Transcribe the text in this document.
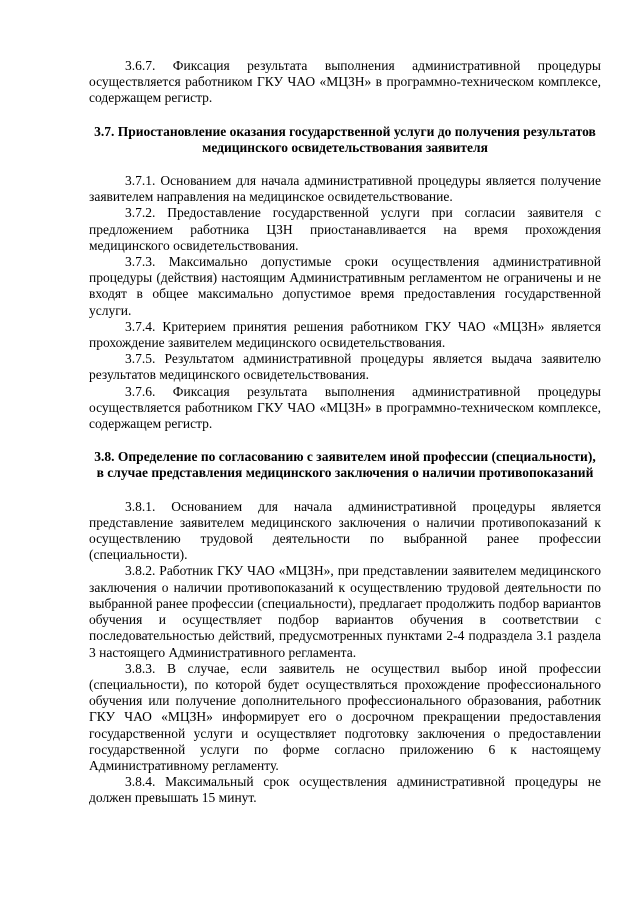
3.6.7. Фиксация результата выполнения административной процедуры осуществляется работником ГКУ ЧАО «МЦЗН» в программно-техническом комплексе, содержащем регистр.

3.7. Приостановление оказания государственной услуги до получения результатов медицинского освидетельствования заявителя

3.7.1. Основанием для начала административной процедуры является получение заявителем направления на медицинское освидетельствование.

3.7.2. Предоставление государственной услуги при согласии заявителя с предложением работника ЦЗН приостанавливается на время прохождения медицинского освидетельствования.

3.7.3. Максимально допустимые сроки осуществления административной процедуры (действия) настоящим Административным регламентом не ограничены и не входят в общее максимально допустимое время предоставления государственной услуги.

3.7.4. Критерием принятия решения работником ГКУ ЧАО «МЦЗН» является прохождение заявителем медицинского освидетельствования.

3.7.5. Результатом административной процедуры является выдача заявителю результатов медицинского освидетельствования.

3.7.6. Фиксация результата выполнения административной процедуры осуществляется работником ГКУ ЧАО «МЦЗН» в программно-техническом комплексе, содержащем регистр.

3.8. Определение по согласованию с заявителем иной профессии (специальности), в случае представления медицинского заключения о наличии противопоказаний

3.8.1. Основанием для начала административной процедуры является представление заявителем медицинского заключения о наличии противопоказаний к осуществлению трудовой деятельности по выбранной ранее профессии (специальности).

3.8.2. Работник ГКУ ЧАО «МЦЗН», при представлении заявителем медицинского заключения о наличии противопоказаний к осуществлению трудовой деятельности по выбранной ранее профессии (специальности), предлагает продолжить подбор вариантов обучения и осуществляет подбор вариантов обучения в соответствии с последовательностью действий, предусмотренных пунктами 2-4 подраздела 3.1 раздела 3 настоящего Административного регламента.

3.8.3. В случае, если заявитель не осуществил выбор иной профессии (специальности), по которой будет осуществляться прохождение профессионального обучения или получение дополнительного профессионального образования, работник ГКУ ЧАО «МЦЗН» информирует его о досрочном прекращении предоставления государственной услуги и осуществляет подготовку заключения о предоставлении государственной услуги по форме согласно приложению 6 к настоящему Административному регламенту.

3.8.4. Максимальный срок осуществления административной процедуры не должен превышать 15 минут.
